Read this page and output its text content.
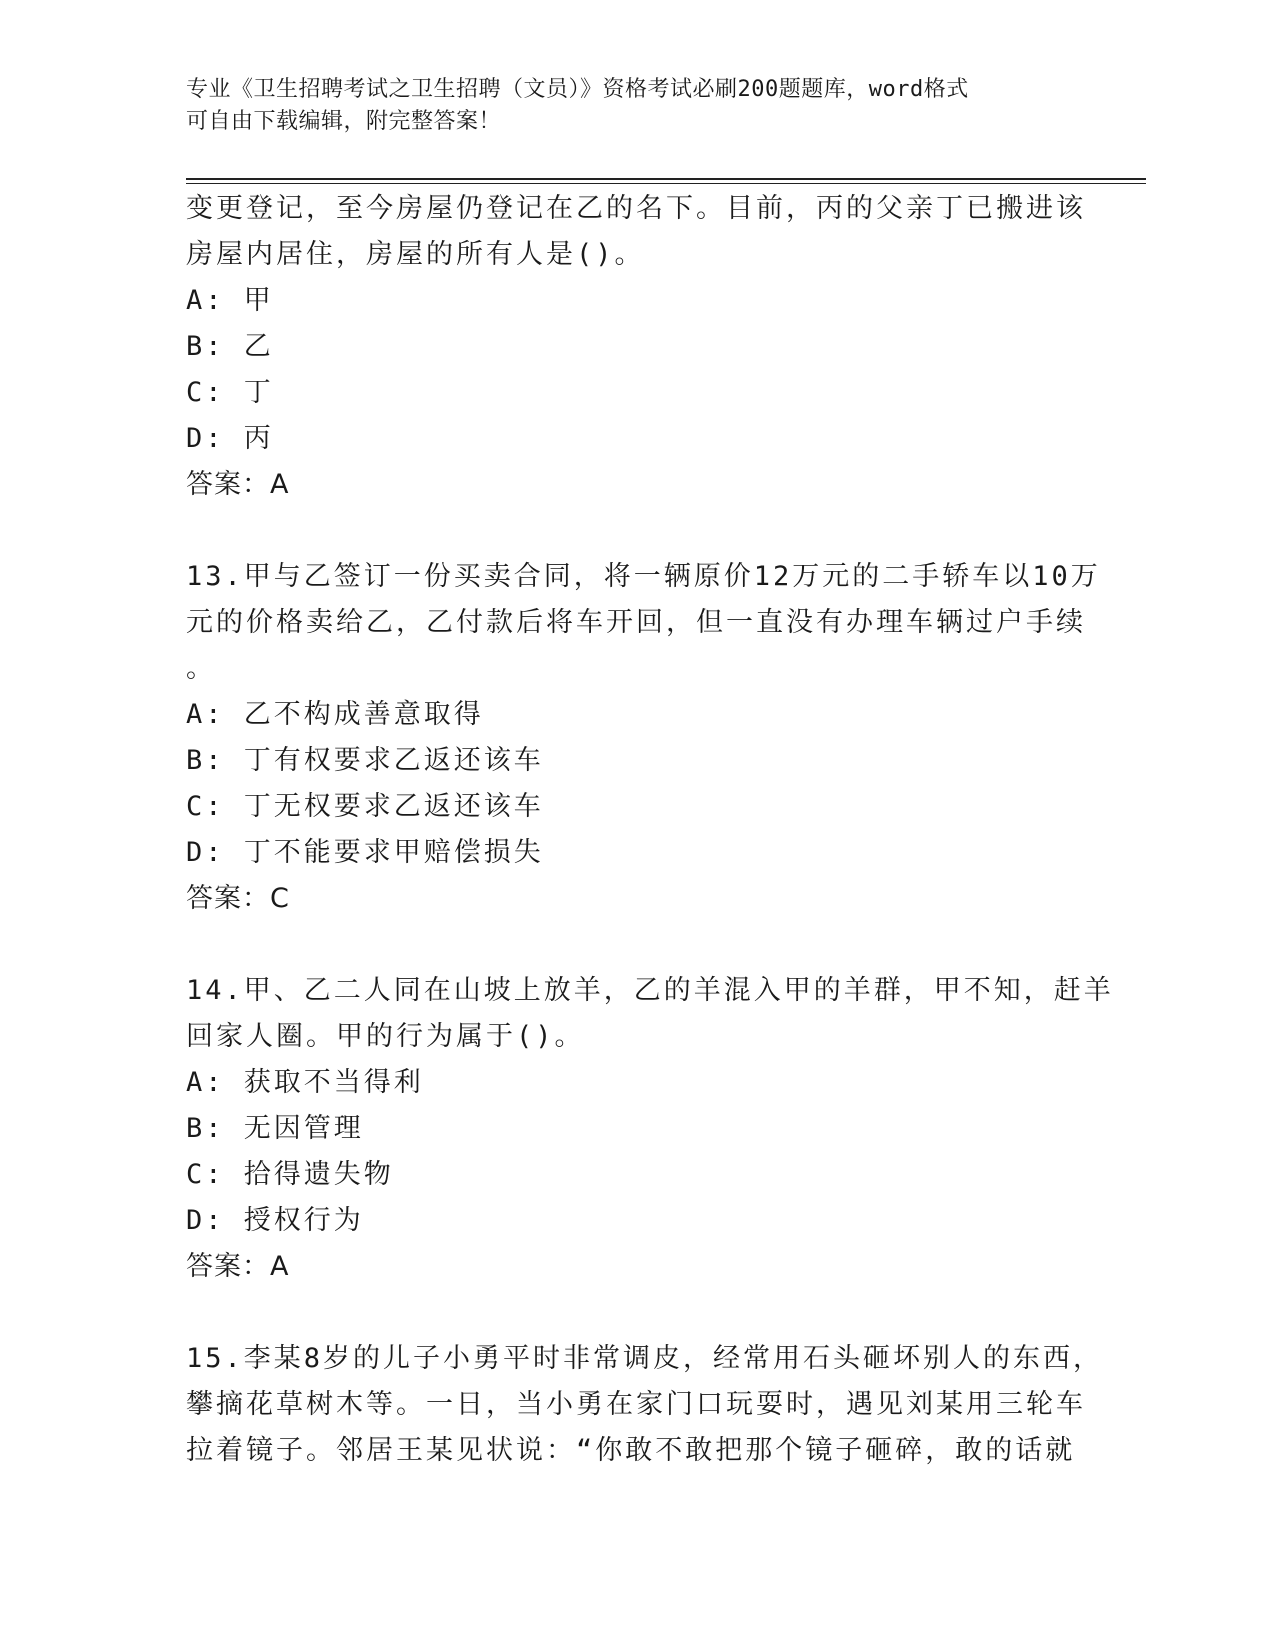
专业《卫生招聘考试之卫生招聘（文员）》资格考试必刷200题题库，word格式

可自由下载编辑，附完整答案！

变更登记，至今房屋仍登记在乙的名下。目前，丙的父亲丁已搬进该

房屋内居住，房屋的所有人是()。

A: 甲

B: 乙

C: 丁

D: 丙

答案：A

13.甲与乙签订一份买卖合同，将一辆原价12万元的二手轿车以10万

元的价格卖给乙，乙付款后将车开回，但一直没有办理车辆过户手续

。

A: 乙不构成善意取得

B: 丁有权要求乙返还该车

C: 丁无权要求乙返还该车

D: 丁不能要求甲赔偿损失

答案：C

14.甲、乙二人同在山坡上放羊，乙的羊混入甲的羊群，甲不知，赶羊

回家人圈。甲的行为属于()。

A: 获取不当得利

B: 无因管理

C: 拾得遗失物

D: 授权行为

答案：A

15.李某8岁的儿子小勇平时非常调皮，经常用石头砸坏别人的东西，

攀摘花草树木等。一日，当小勇在家门口玩耍时，遇见刘某用三轮车

拉着镜子。邻居王某见状说：“你敢不敢把那个镜子砸碎，敢的话就
